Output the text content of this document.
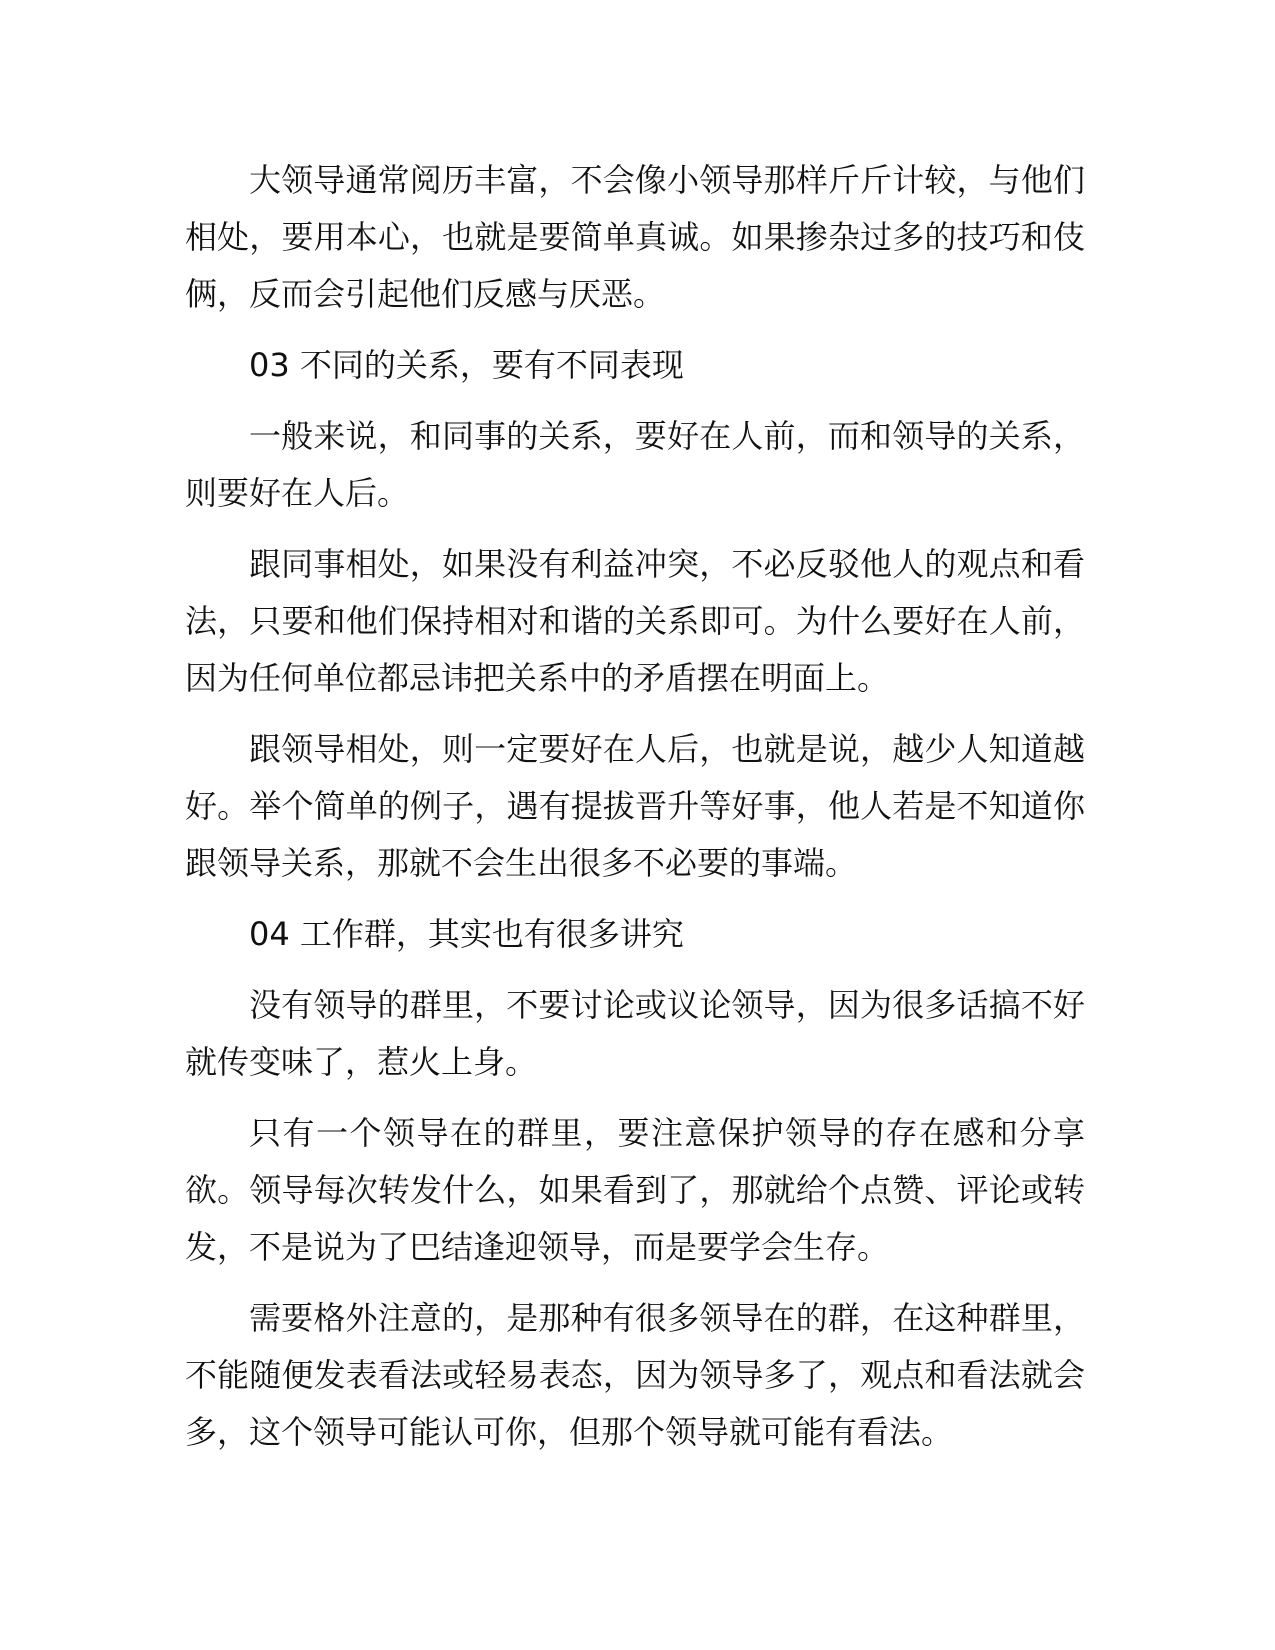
大领导通常阅历丰富，不会像小领导那样斤斤计较，与他们相处，要用本心，也就是要简单真诚。如果掺杂过多的技巧和伎俩，反而会引起他们反感与厌恶。

03 不同的关系，要有不同表现

一般来说，和同事的关系，要好在人前，而和领导的关系，则要好在人后。

跟同事相处，如果没有利益冲突，不必反驳他人的观点和看法，只要和他们保持相对和谐的关系即可。为什么要好在人前，因为任何单位都忌讳把关系中的矛盾摆在明面上。

跟领导相处，则一定要好在人后，也就是说，越少人知道越好。举个简单的例子，遇有提拔晋升等好事，他人若是不知道你跟领导关系，那就不会生出很多不必要的事端。

04 工作群，其实也有很多讲究

没有领导的群里，不要讨论或议论领导，因为很多话搞不好就传变味了，惹火上身。

只有一个领导在的群里，要注意保护领导的存在感和分享欲。领导每次转发什么，如果看到了，那就给个点赞、评论或转发，不是说为了巴结逢迎领导，而是要学会生存。

需要格外注意的，是那种有很多领导在的群，在这种群里，不能随便发表看法或轻易表态，因为领导多了，观点和看法就会多，这个领导可能认可你，但那个领导就可能有看法。
